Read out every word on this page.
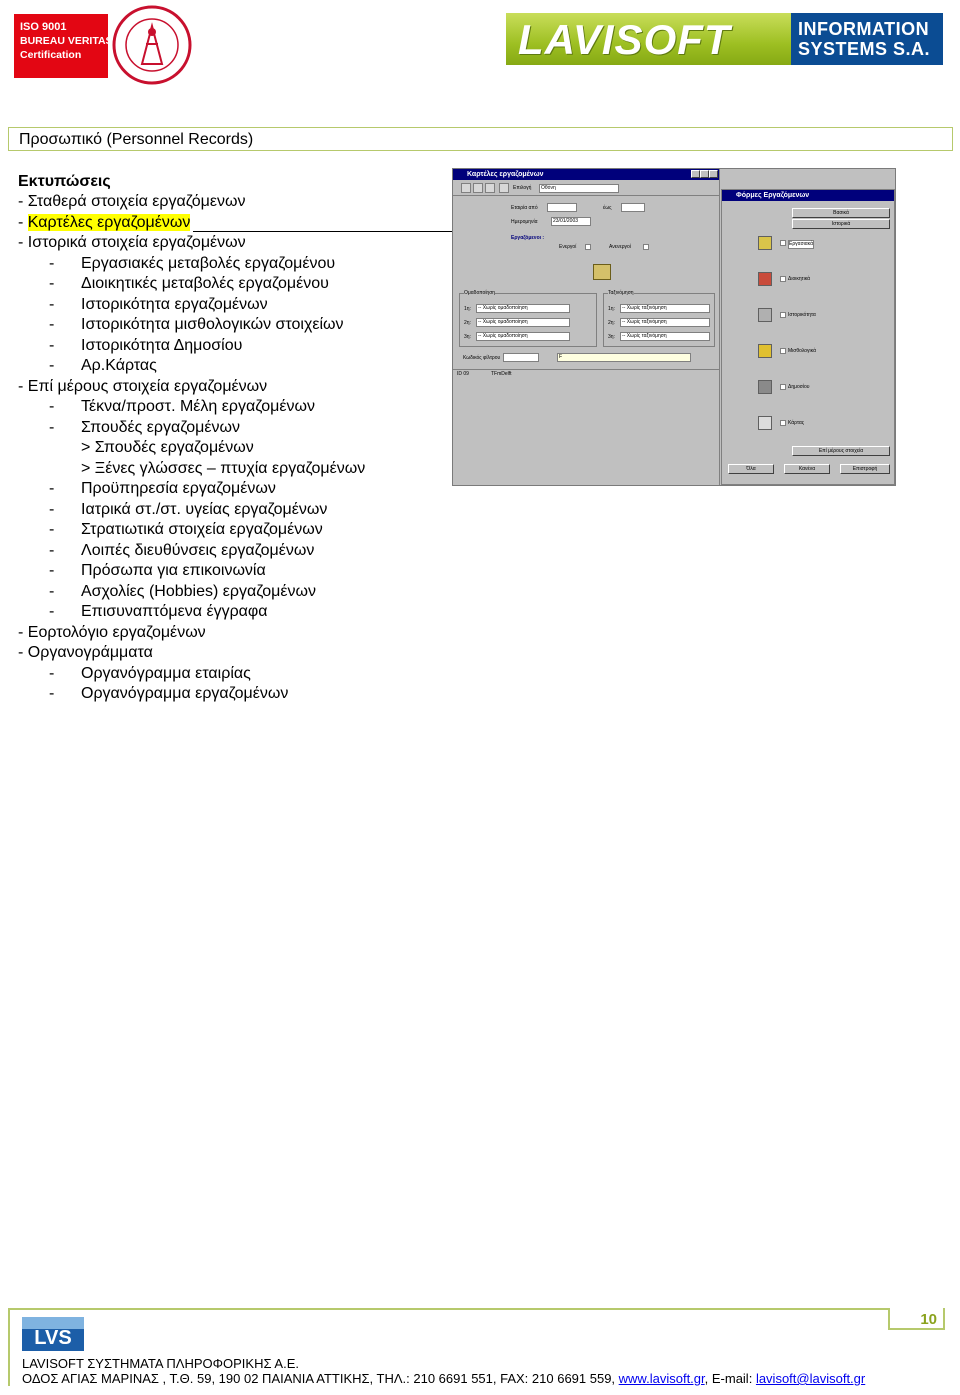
ISO 9001
BUREAU VERITAS
Certification	LAVISOFT	INFORMATION
SYSTEMS S.A.
Προσωπικό (Personnel Records)
Εκτυπώσεις
- Σταθερά στοιχεία εργαζόμενων
- Καρτέλες εργαζομένων
- Ιστορικά στοιχεία εργαζομένων
- Εργασιακές μεταβολές εργαζομένου
- Διοικητικές μεταβολές εργαζομένου
- Ιστορικότητα εργαζομένων
- Ιστορικότητα μισθολογικών στοιχείων
- Ιστορικότητα Δημοσίου
- Αρ.Κάρτας
- Επί μέρους στοιχεία εργαζομένων
- Τέκνα/προστ. Μέλη εργαζομένων
- Σπουδές εργαζομένων
> Σπουδές εργαζομένων
> Ξένες γλώσσες – πτυχία εργαζομένων
- Προϋπηρεσία εργαζομένων
- Ιατρικά στ./στ. υγείας εργαζομένων
- Στρατιωτικά στοιχεία εργαζομένων
- Λοιπές διευθύνσεις εργαζομένων
- Πρόσωπα για επικοινωνία
- Ασχολίες (Hobbies) εργαζομένων
- Επισυναπτόμενα έγγραφα
- Εορτολόγιο εργαζομένων
- Οργανογράμματα
- Οργανόγραμμα εταιρίας
- Οργανόγραμμα εργαζομένων
Καρτέλες εργαζομένων
Επιλογή	Οθόνη
Εταιρία από	έως
Ημερομηνία	23/01/2003
Εργαζόμενοι :
Ενεργοί	Ανενεργοί
Ομαδοποίηση
1η:	-- Χωρίς ομαδοποίηση
2η:	-- Χωρίς ομαδοποίηση
3η:	-- Χωρίς ομαδοποίηση
Ταξινόμηση
1η:	-- Χωρίς ταξινόμηση
2η:	-- Χωρίς ταξινόμηση
3η:	-- Χωρίς ταξινόμηση
Κωδικός φίλτρου	F
ID 09	TFmDelft
Φόρμες Εργαζόμενων
Βασικά
Ιστορικά
Εργασιακά
Διοικητικά
Ιστορικότητα
Μισθολογικά
Δημοσίου
Κάρτας
Επί μέρους στοιχεία
Όλα	Κανένα	Επιστροφή
10
LVS
LAVISOFT ΣΥΣΤΗΜΑΤΑ ΠΛΗΡΟΦΟΡΙΚΗΣ Α.Ε.
ΟΔΟΣ ΑΓΙΑΣ ΜΑΡΙΝΑΣ , Τ.Θ. 59, 190 02 ΠΑΙΑΝΙΑ ΑΤΤΙΚΗΣ, ΤΗΛ.: 210 6691 551, FAX: 210 6691 559, www.lavisoft.gr, E-mail: lavisoft@lavisoft.gr
